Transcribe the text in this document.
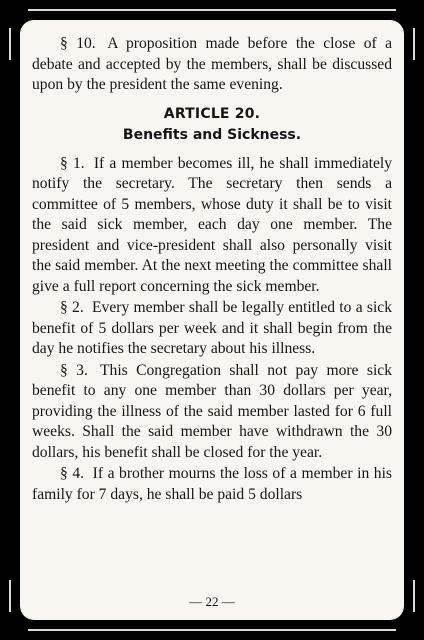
§ 10. A proposition made before the close of a debate and accepted by the members, shall be discussed upon by the president the same evening.

ARTICLE 20.
Benefits and Sickness.

§ 1. If a member becomes ill, he shall immediately notify the secretary. The secretary then sends a committee of 5 members, whose duty it shall be to visit the said sick member, each day one member. The president and vice-president shall also personally visit the said member. At the next meeting the committee shall give a full report concerning the sick member.

§ 2. Every member shall be legally entitled to a sick benefit of 5 dollars per week and it shall begin from the day he notifies the secretary about his illness.

§ 3. This Congregation shall not pay more sick benefit to any one member than 30 dollars per year, providing the illness of the said member lasted for 6 full weeks. Shall the said member have withdrawn the 30 dollars, his benefit shall be closed for the year.

§ 4. If a brother mourns the loss of a member in his family for 7 days, he shall be paid 5 dollars

— 22 —
